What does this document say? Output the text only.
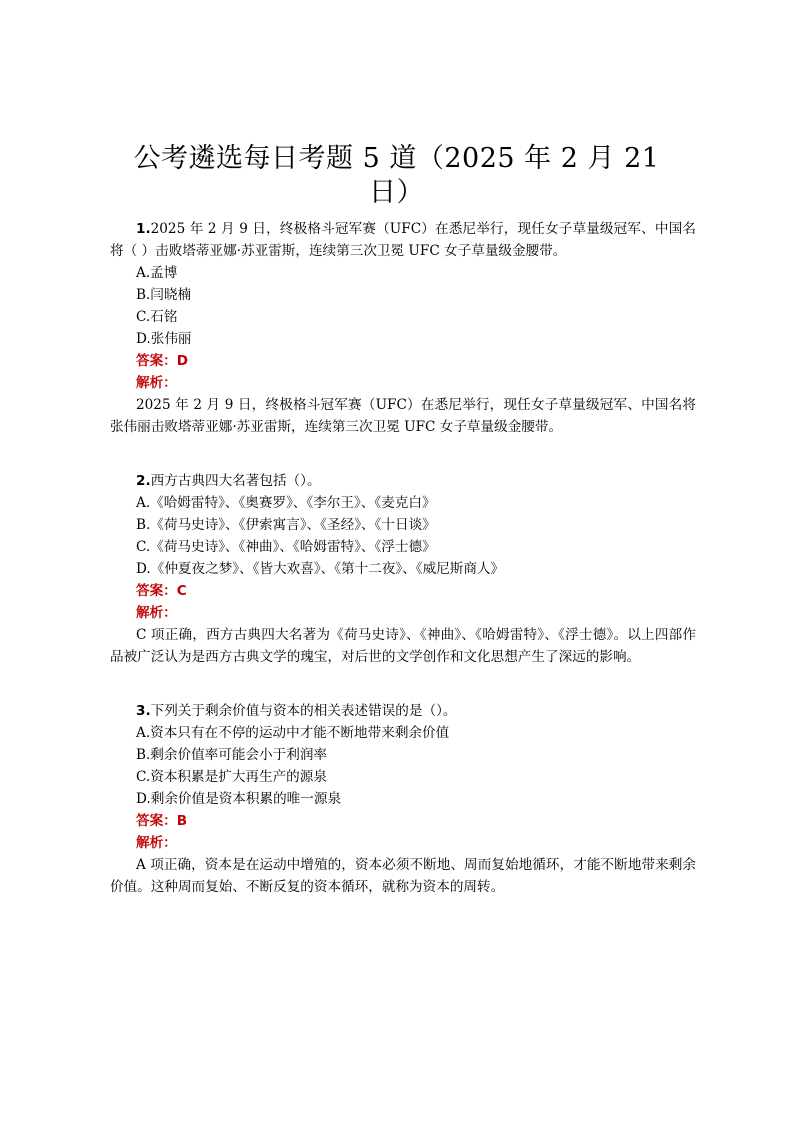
公考遴选每日考题 5 道（2025 年 2 月 21 日）

1.2025 年 2 月 9 日，终极格斗冠军赛（UFC）在悉尼举行，现任女子草量级冠军、中国名将（ ）击败塔蒂亚娜·苏亚雷斯，连续第三次卫冕 UFC 女子草量级金腰带。

A.孟博

B.闫晓楠

C.石铭

D.张伟丽

答案：D

解析：

2025 年 2 月 9 日，终极格斗冠军赛（UFC）在悉尼举行，现任女子草量级冠军、中国名将张伟丽击败塔蒂亚娜·苏亚雷斯，连续第三次卫冕 UFC 女子草量级金腰带。

2.西方古典四大名著包括（）。

A.《哈姆雷特》、《奥赛罗》、《李尔王》、《麦克白》

B.《荷马史诗》、《伊索寓言》、《圣经》、《十日谈》

C.《荷马史诗》、《神曲》、《哈姆雷特》、《浮士德》

D.《仲夏夜之梦》、《皆大欢喜》、《第十二夜》、《威尼斯商人》

答案：C

解析：

C 项正确，西方古典四大名著为《荷马史诗》、《神曲》、《哈姆雷特》、《浮士德》。以上四部作品被广泛认为是西方古典文学的瑰宝，对后世的文学创作和文化思想产生了深远的影响。

3.下列关于剩余价值与资本的相关表述错误的是（）。

A.资本只有在不停的运动中才能不断地带来剩余价值

B.剩余价值率可能会小于利润率

C.资本积累是扩大再生产的源泉

D.剩余价值是资本积累的唯一源泉

答案：B

解析：

A 项正确，资本是在运动中增殖的，资本必须不断地、周而复始地循环，才能不断地带来剩余价值。这种周而复始、不断反复的资本循环，就称为资本的周转。
